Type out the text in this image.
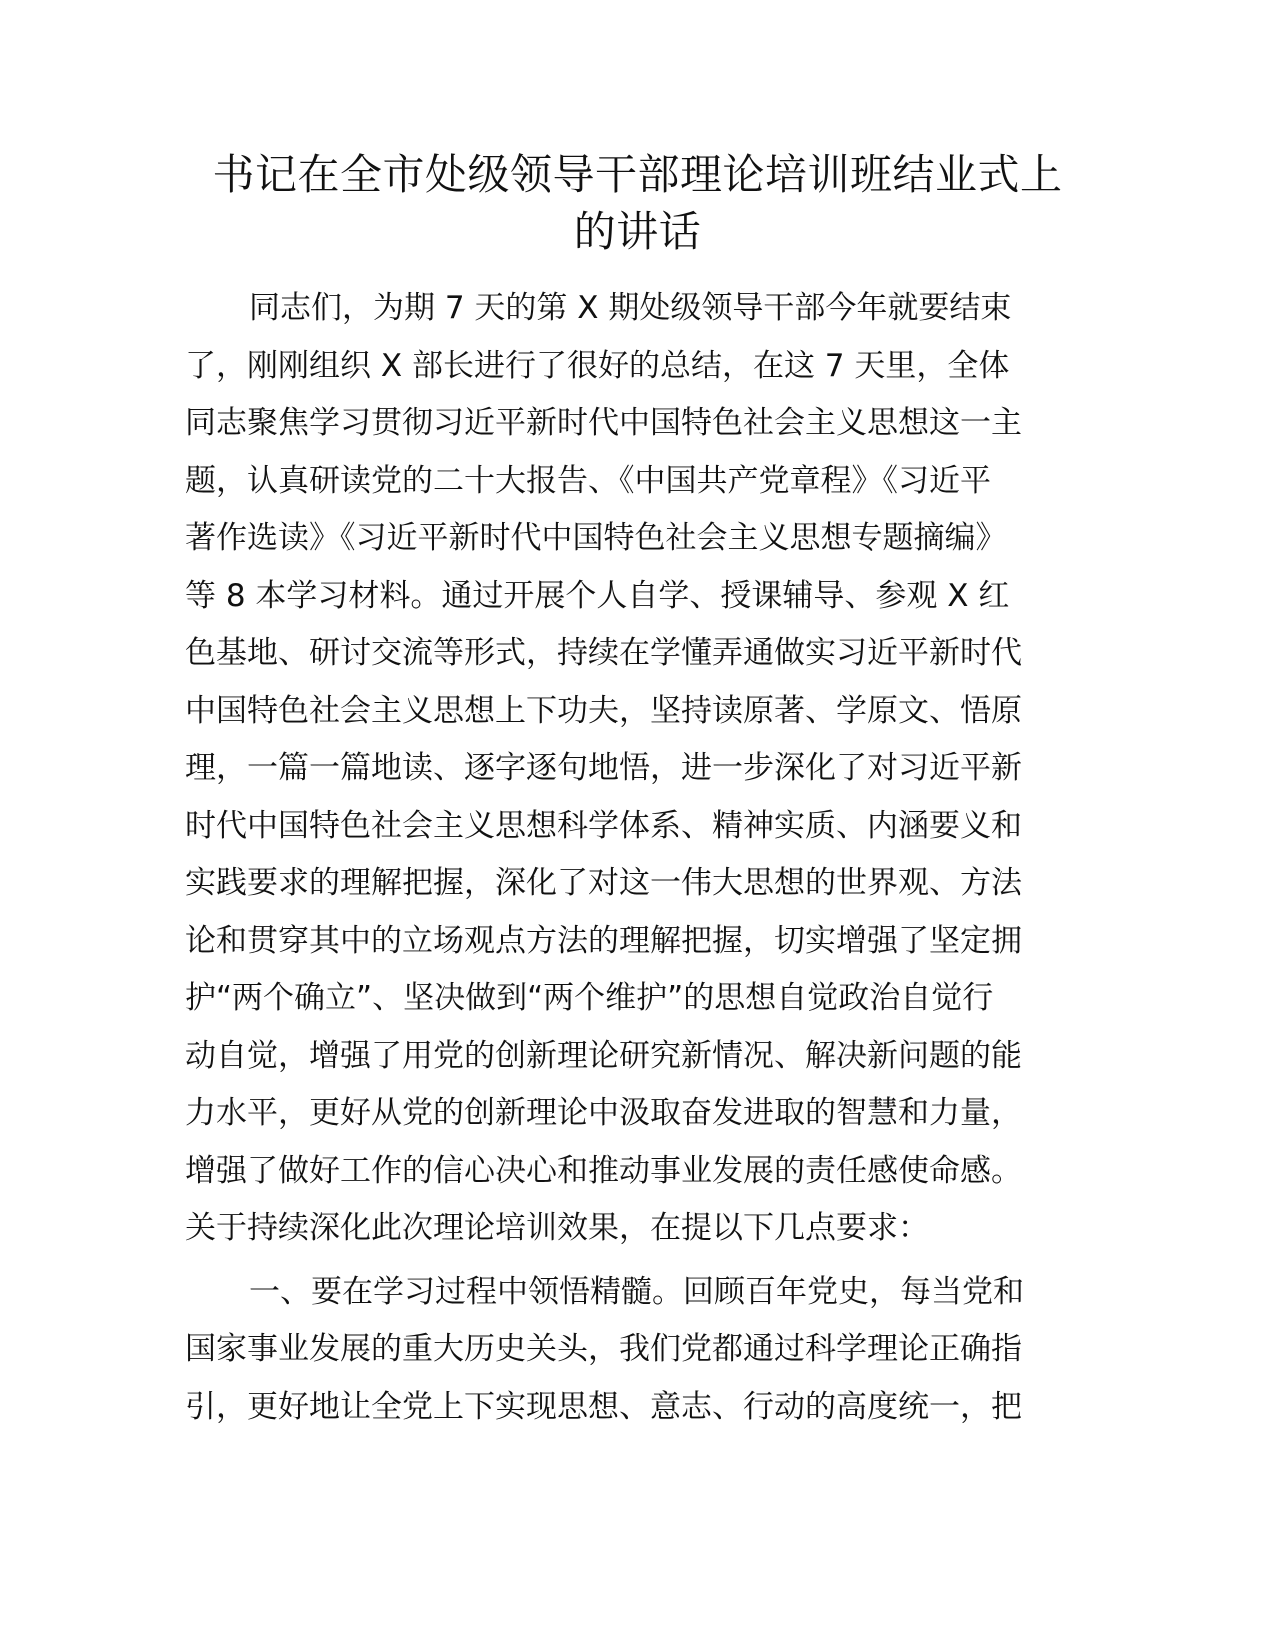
书记在全市处级领导干部理论培训班结业式上
的讲话

同志们，为期 7 天的第 X 期处级领导干部今年就要结束
了，刚刚组织 X 部长进行了很好的总结，在这 7 天里，全体
同志聚焦学习贯彻习近平新时代中国特色社会主义思想这一主
题，认真研读党的二十大报告、《中国共产党章程》《习近平
著作选读》《习近平新时代中国特色社会主义思想专题摘编》
等 8 本学习材料。通过开展个人自学、授课辅导、参观 X 红
色基地、研讨交流等形式，持续在学懂弄通做实习近平新时代
中国特色社会主义思想上下功夫，坚持读原著、学原文、悟原
理，一篇一篇地读、逐字逐句地悟，进一步深化了对习近平新
时代中国特色社会主义思想科学体系、精神实质、内涵要义和
实践要求的理解把握，深化了对这一伟大思想的世界观、方法
论和贯穿其中的立场观点方法的理解把握，切实增强了坚定拥
护“两个确立”、坚决做到“两个维护”的思想自觉政治自觉行
动自觉，增强了用党的创新理论研究新情况、解决新问题的能
力水平，更好从党的创新理论中汲取奋发进取的智慧和力量，
增强了做好工作的信心决心和推动事业发展的责任感使命感。
关于持续深化此次理论培训效果，在提以下几点要求：

一、要在学习过程中领悟精髓。回顾百年党史，每当党和
国家事业发展的重大历史关头，我们党都通过科学理论正确指
引，更好地让全党上下实现思想、意志、行动的高度统一，把
